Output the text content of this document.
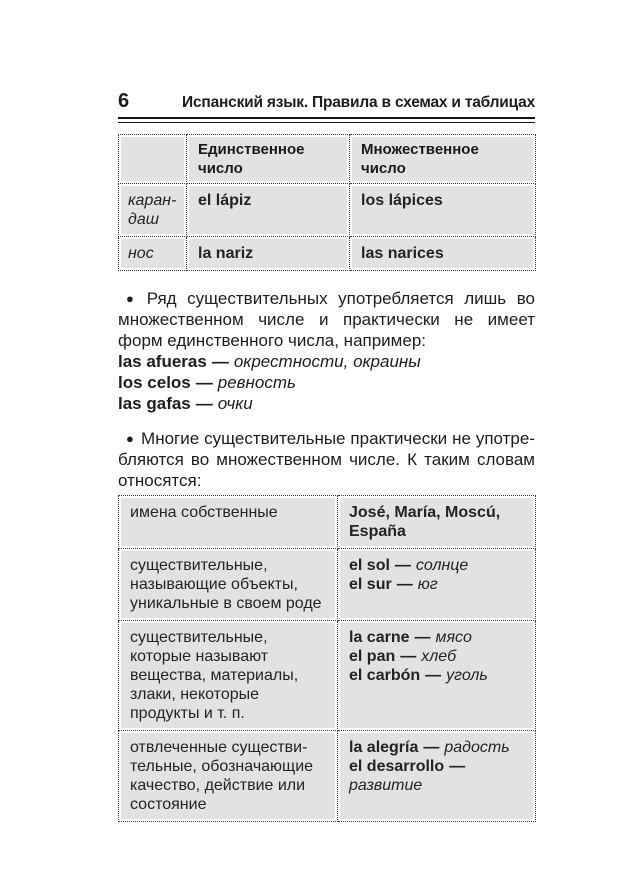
6	Испанский язык. Правила в схемах и таблицах
	Единственное число	Множественное число
карандаш	el lápiz	los lápices
нос	la nariz	las narices

● Ряд существительных употребляется лишь во множественном числе и практически не имеет форм единственного числа, например:

las afueras — окрестности, окраины
los celos — ревность
las gafas — очки

● Многие существительные практически не употребляются во множественном числе. К таким словам относятся:

имена собственные	José, María, Moscú, España

существительные, называющие объекты, уникальные в своем роде	el sol — солнце
el sur — юг

существительные, которые называют вещества, материалы, злаки, некоторые продукты и т. п.	la carne — мясо
el pan — хлеб
el carbón — уголь

отвлеченные существительные, обозначающие качество, действие или состояние	la alegría — радость
el desarrollo —развитие
